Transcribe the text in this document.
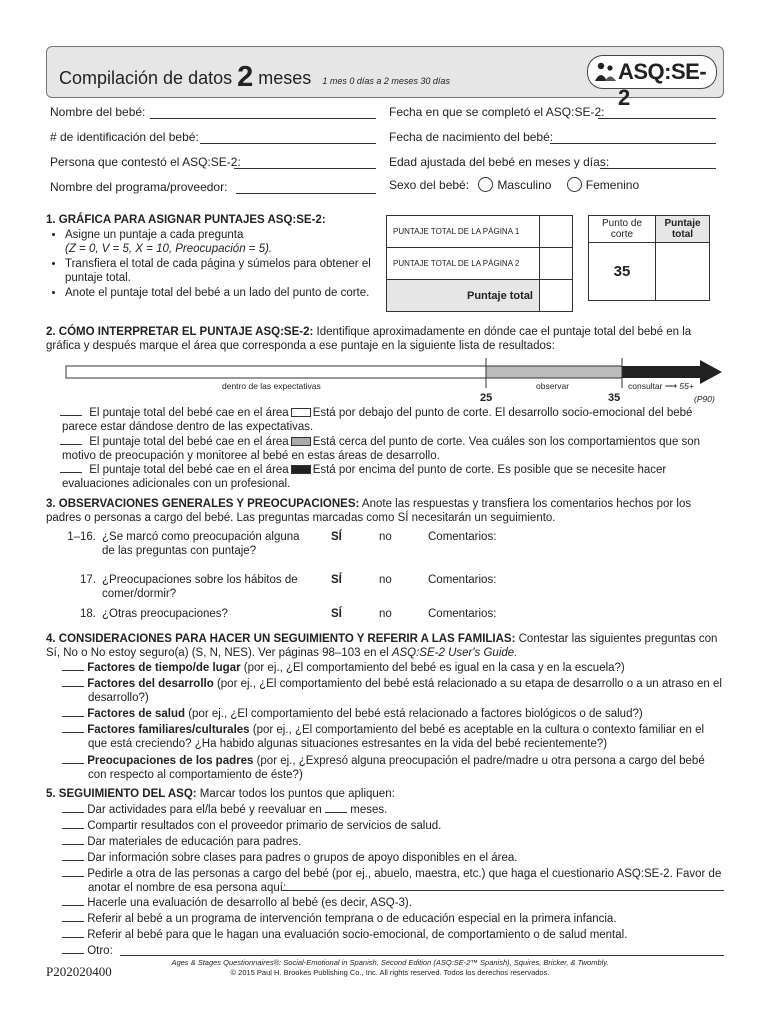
Compilación de datos 2 meses 1 mes 0 días a 2 meses 30 días	ASQ:SE-2
Nombre del bebé:	Fecha en que se completó el ASQ:SE-2:
# de identificación del bebé:	Fecha de nacimiento del bebé:
Persona que contestó el ASQ:SE-2:	Edad ajustada del bebé en meses y días:
Nombre del programa/proveedor:	Sexo del bebé: Masculino	Femenino
1. GRÁFICA PARA ASIGNAR PUNTAJES ASQ:SE-2:
• Asigne un puntaje a cada pregunta
(Z = 0, V = 5, X = 10, Preocupación = 5).
• Transfiera el total de cada página y súmelos para obtener el puntaje total.
• Anote el puntaje total del bebé a un lado del punto de corte.
PUNTAJE TOTAL DE LA PÁGINA 1	
PUNTAJE TOTAL DE LA PÁGINA 2	
Puntaje total	
Punto de corte	Puntaje total
35	
2. CÓMO INTERPRETAR EL PUNTAJE ASQ:SE-2: Identifique aproximadamente en dónde cae el puntaje total del bebé en la gráfica y después marque el área que corresponda a ese puntaje en la siguiente lista de resultados:
dentro de las expectativas	observar	consultar ⟶ 55+
25	35	(P90)
El puntaje total del bebé cae en el área Está por debajo del punto de corte. El desarrollo socio-emocional del bebé parece estar dándose dentro de las expectativas.
El puntaje total del bebé cae en el área Está cerca del punto de corte. Vea cuáles son los comportamientos que son motivo de preocupación y monitoree al bebé en estas áreas de desarrollo.
El puntaje total del bebé cae en el área Está por encima del punto de corte. Es posible que se necesite hacer evaluaciones adicionales con un profesional.
3. OBSERVACIONES GENERALES Y PREOCUPACIONES: Anote las respuestas y transfiera los comentarios hechos por los padres o personas a cargo del bebé. Las preguntas marcadas como SÍ necesitarán un seguimiento.
1–16. ¿Se marcó como preocupación alguna de las preguntas con puntaje?
SÍ	no	Comentarios:
17. ¿Preocupaciones sobre los hábitos de comer/dormir?
SÍ	no	Comentarios:
18. ¿Otras preocupaciones?	SÍ	no	Comentarios:
4. CONSIDERACIONES PARA HACER UN SEGUIMIENTO Y REFERIR A LAS FAMILIAS: Contestar las siguientes preguntas con Sí, No o No estoy seguro(a) (S, N, NES). Ver páginas 98–103 en el ASQ:SE-2 User's Guide.
Factores de tiempo/de lugar (por ej., ¿El comportamiento del bebé es igual en la casa y en la escuela?)
Factores del desarrollo (por ej., ¿El comportamiento del bebé está relacionado a su etapa de desarrollo o a un atraso en el desarrollo?)
Factores de salud (por ej., ¿El comportamiento del bebé está relacionado a factores biológicos o de salud?)
Factores familiares/culturales (por ej., ¿El comportamiento del bebé es aceptable en la cultura o contexto familiar en el que está creciendo? ¿Ha habido algunas situaciones estresantes en la vida del bebé recientemente?)
Preocupaciones de los padres (por ej., ¿Expresó alguna preocupación el padre/madre u otra persona a cargo del bebé con respecto al comportamiento de éste?)
5. SEGUIMIENTO DEL ASQ: Marcar todos los puntos que apliquen:
Dar actividades para el/la bebé y reevaluar en meses.
Compartir resultados con el proveedor primario de servicios de salud.
Dar materiales de educación para padres.
Dar información sobre clases para padres o grupos de apoyo disponibles en el área.
Pedirle a otra de las personas a cargo del bebé (por ej., abuelo, maestra, etc.) que haga el cuestionario ASQ:SE-2. Favor de anotar el nombre de esa persona aquí:
Hacerle una evaluación de desarrollo al bebé (es decir, ASQ-3).
Referir al bebé a un programa de intervención temprana o de educación especial en la primera infancia.
Referir al bebé para que le hagan una evaluación socio-emocional, de comportamiento o de salud mental.
Otro:
P202020400
Ages & Stages Questionnaires®: Social-Emotional in Spanish, Second Edition (ASQ:SE-2™ Spanish), Squires, Bricker, & Twombly.
© 2015 Paul H. Brookes Publishing Co., Inc. All rights reserved. Todos los derechos reservados.
